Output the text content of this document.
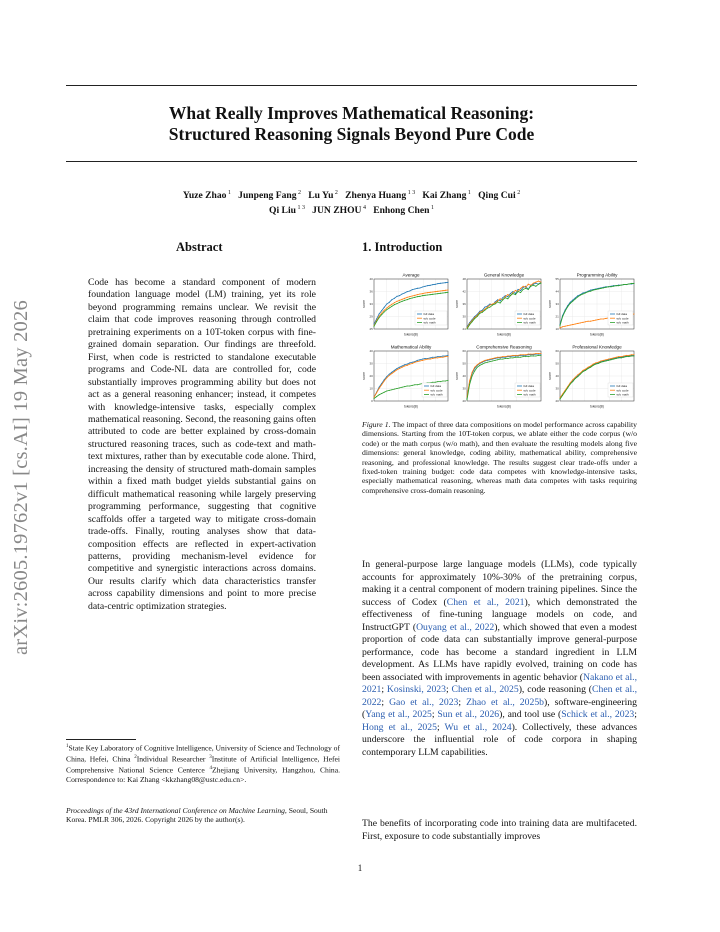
What Really Improves Mathematical Reasoning:
Structured Reasoning Signals Beyond Pure Code
Yuze Zhao $^1$ Junpeng Fang $^2$ Lu Yu $^2$ Zhenya Huang $^{1 3}$ Kai Zhang $^1$ Qing Cui $^2$
Qi Liu $^{1 3}$ JUN ZHOU $^4$ Enhong Chen $^1$
arXiv:2605.19762v1 [cs.AI] 19 May 2026
Abstract
Code has become a standard component of modern foundation language model (LM) training, yet its role beyond programming remains unclear. We revisit the claim that code improves reasoning through controlled pretraining experiments on a 10T-token corpus with fine-grained domain separation. Our findings are threefold. First, when code is restricted to standalone executable programs and Code-NL data are controlled for, code substantially improves programming ability but does not act as a general reasoning enhancer; instead, it competes with knowledge-intensive tasks, especially complex mathematical reasoning. Second, the reasoning gains often attributed to code are better explained by cross-domain structured reasoning traces, such as code-text and math-text mixtures, rather than by executable code alone. Third, increasing the density of structured math-domain samples within a fixed math budget yields substantial gains on difficult mathematical reasoning while largely preserving programming performance, suggesting that cognitive scaffolds offer a targeted way to mitigate cross-domain trade-offs. Finally, routing analyses show that data-composition effects are reflected in expert-activation patterns, providing mechanism-level evidence for competitive and synergistic interactions across domains. Our results clarify which data characteristics transfer across capability dimensions and point to more precise data-centric optimization strategies.
$^1$State Key Laboratory of Cognitive Intelligence, University of Science and Technology of China, Hefei, China $^2$Individual Researcher $^3$Institute of Artificial Intelligence, Hefei Comprehensive National Science Centerce $^4$Zhejiang University, Hangzhou, China. Correspondence to: Kai Zhang <kkzhang08@ustc.edu.cn>.
Proceedings of the 43rd International Conference on Machine Learning, Seoul, South Korea. PMLR 306, 2026. Copyright 2026 by the author(s).
1. Introduction
Average
40
36
33
29
25
full data
w/o code
w/o math
tokens(B)
score
General Knowledge
48
42
36
30
24
full data
w/o code
w/o math
tokens(B)
score
Programming Ability
55
44
33
21
10
full data
w/o code
w/o math
tokens(B)
score
Mathematical Ability
40
30
20
10
0
full data
w/o code
w/o math
tokens(B)
score
Comprehensive Reasoning
60
50
40
30
20
full data
w/o code
w/o math
tokens(B)
score
Professional Knowledge
60
50
40
30
20
full data
w/o code
w/o math
tokens(B)
score
Figure 1. The impact of three data compositions on model performance across capability dimensions. Starting from the 10T-token corpus, we ablate either the code corpus (w/o code) or the math corpus (w/o math), and then evaluate the resulting models along five dimensions: general knowledge, coding ability, mathematical ability, comprehensive reasoning, and professional knowledge. The results suggest clear trade-offs under a fixed-token training budget: code data competes with knowledge-intensive tasks, especially mathematical reasoning, whereas math data competes with tasks requiring comprehensive cross-domain reasoning.
In general-purpose large language models (LLMs), code typically accounts for approximately 10%-30% of the pretraining corpus, making it a central component of modern training pipelines. Since the success of Codex (Chen et al., 2021), which demonstrated the effectiveness of fine-tuning language models on code, and InstructGPT (Ouyang et al., 2022), which showed that even a modest proportion of code data can substantially improve general-purpose performance, code has become a standard ingredient in LLM development. As LLMs have rapidly evolved, training on code has been associated with improvements in agentic behavior (Nakano et al., 2021; Kosinski, 2023; Chen et al., 2025), code reasoning (Chen et al., 2022; Gao et al., 2023; Zhao et al., 2025b), software-engineering (Yang et al., 2025; Sun et al., 2026), and tool use (Schick et al., 2023; Hong et al., 2025; Wu et al., 2024). Collectively, these advances underscore the influential role of code corpora in shaping contemporary LLM capabilities.
The benefits of incorporating code into training data are multifaceted. First, exposure to code substantially improves
1
